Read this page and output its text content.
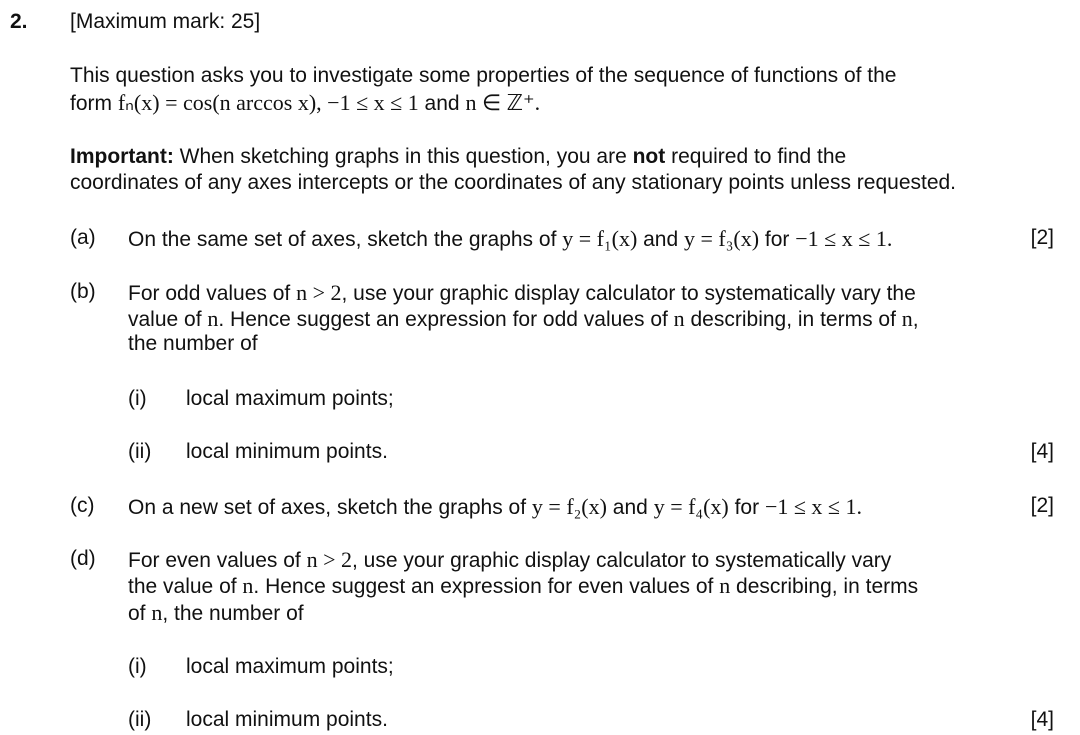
2. [Maximum mark: 25]
This question asks you to investigate some properties of the sequence of functions of the
form fₙ(x) = cos(n arccos x), −1 ≤ x ≤ 1 and n ∈ ℤ⁺.
Important: When sketching graphs in this question, you are not required to find the
coordinates of any axes intercepts or the coordinates of any stationary points unless requested.
(a) On the same set of axes, sketch the graphs of y = f₁(x) and y = f₃(x) for −1 ≤ x ≤ 1.	[2]
(b) For odd values of n > 2, use your graphic display calculator to systematically vary the
value of n. Hence suggest an expression for odd values of n describing, in terms of n,
the number of
(i) local maximum points;
(ii) local minimum points.	[4]
(c) On a new set of axes, sketch the graphs of y = f₂(x) and y = f₄(x) for −1 ≤ x ≤ 1.	[2]
(d) For even values of n > 2, use your graphic display calculator to systematically vary
the value of n. Hence suggest an expression for even values of n describing, in terms
of n, the number of
(i) local maximum points;
(ii) local minimum points.	[4]
